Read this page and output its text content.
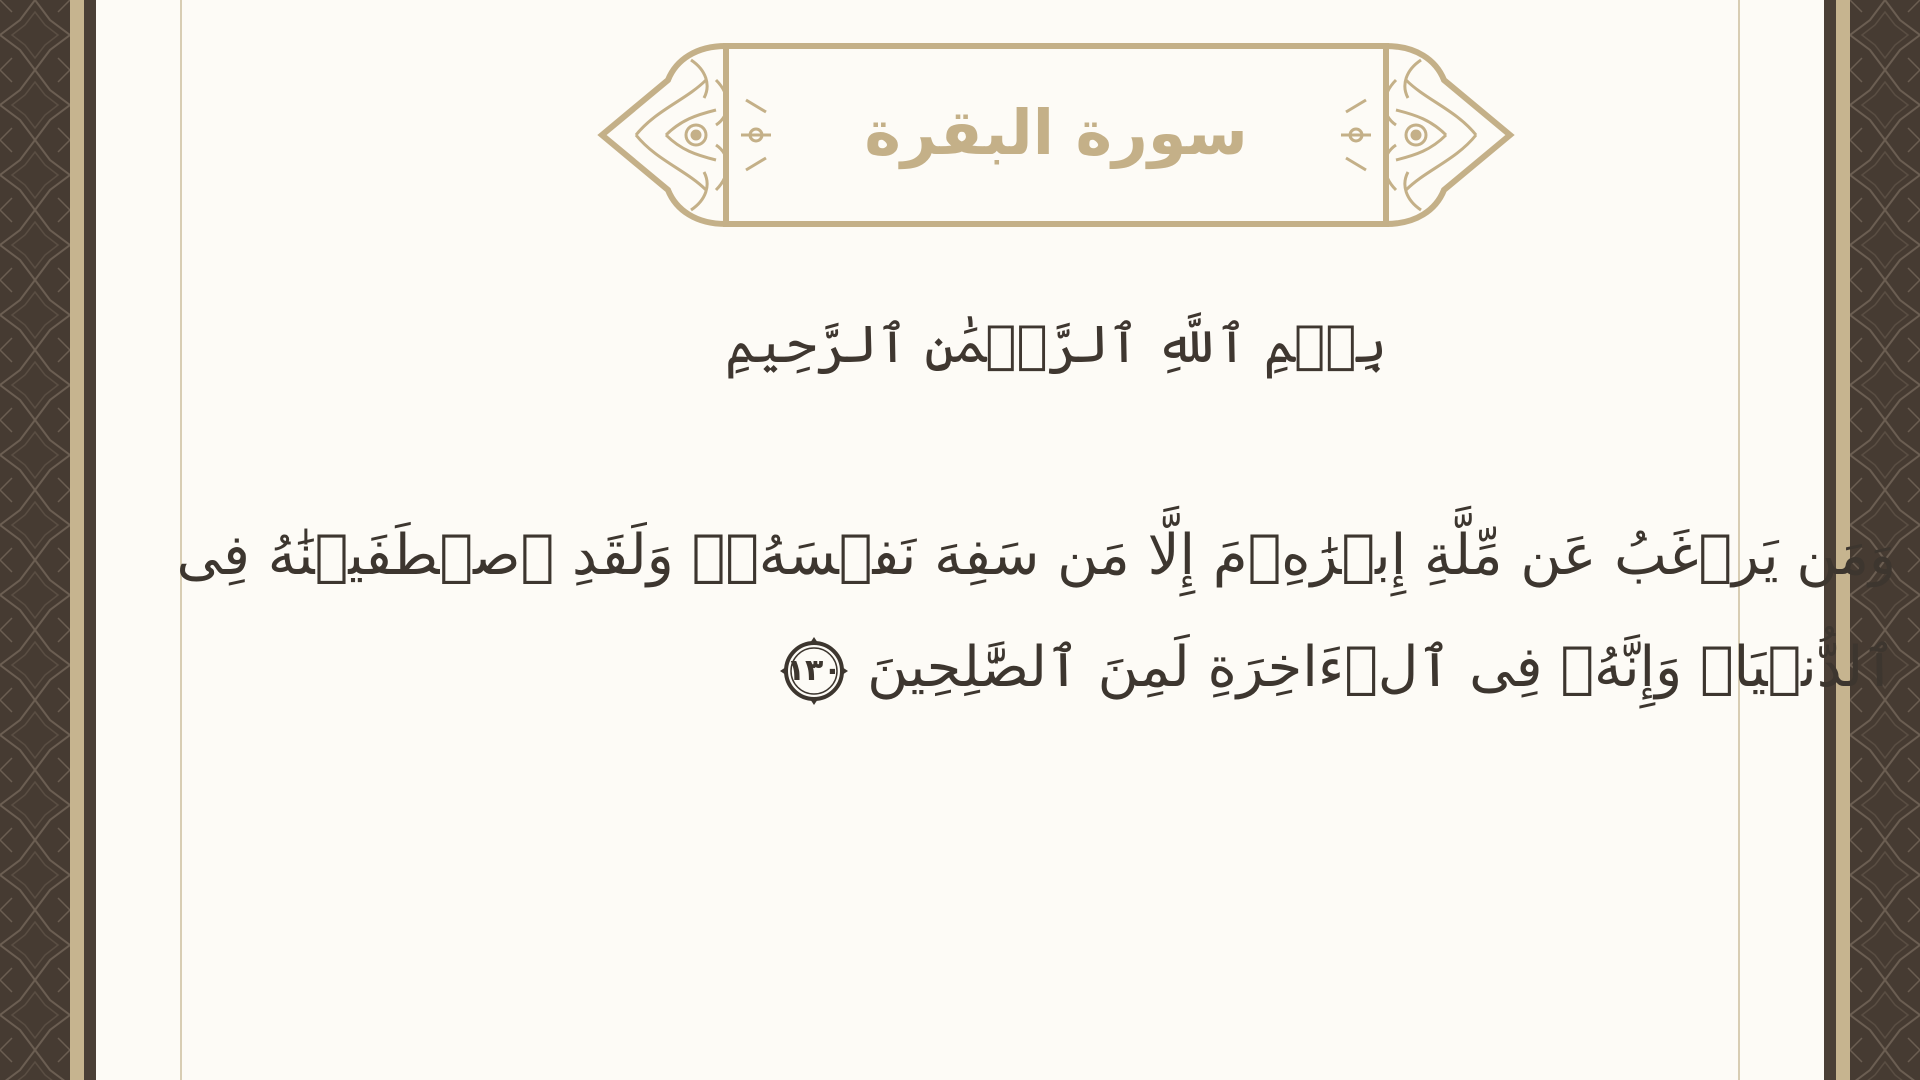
سورة البقرة
بِسۡمِ ٱللَّهِ ٱلرَّحۡمَٰنِ ٱلرَّحِيمِ
وَمَن يَرۡغَبُ عَن مِّلَّةِ إِبۡرَٰهِۦمَ إِلَّا مَن سَفِهَ نَفۡسَهُۥۚ وَلَقَدِ ٱصۡطَفَيۡنَٰهُ فِى
ٱلدُّنۡيَاۖ وَإِنَّهُۥ فِى ٱلۡءَاخِرَةِ لَمِنَ ٱلصَّٰلِحِينَ
١٣٠
